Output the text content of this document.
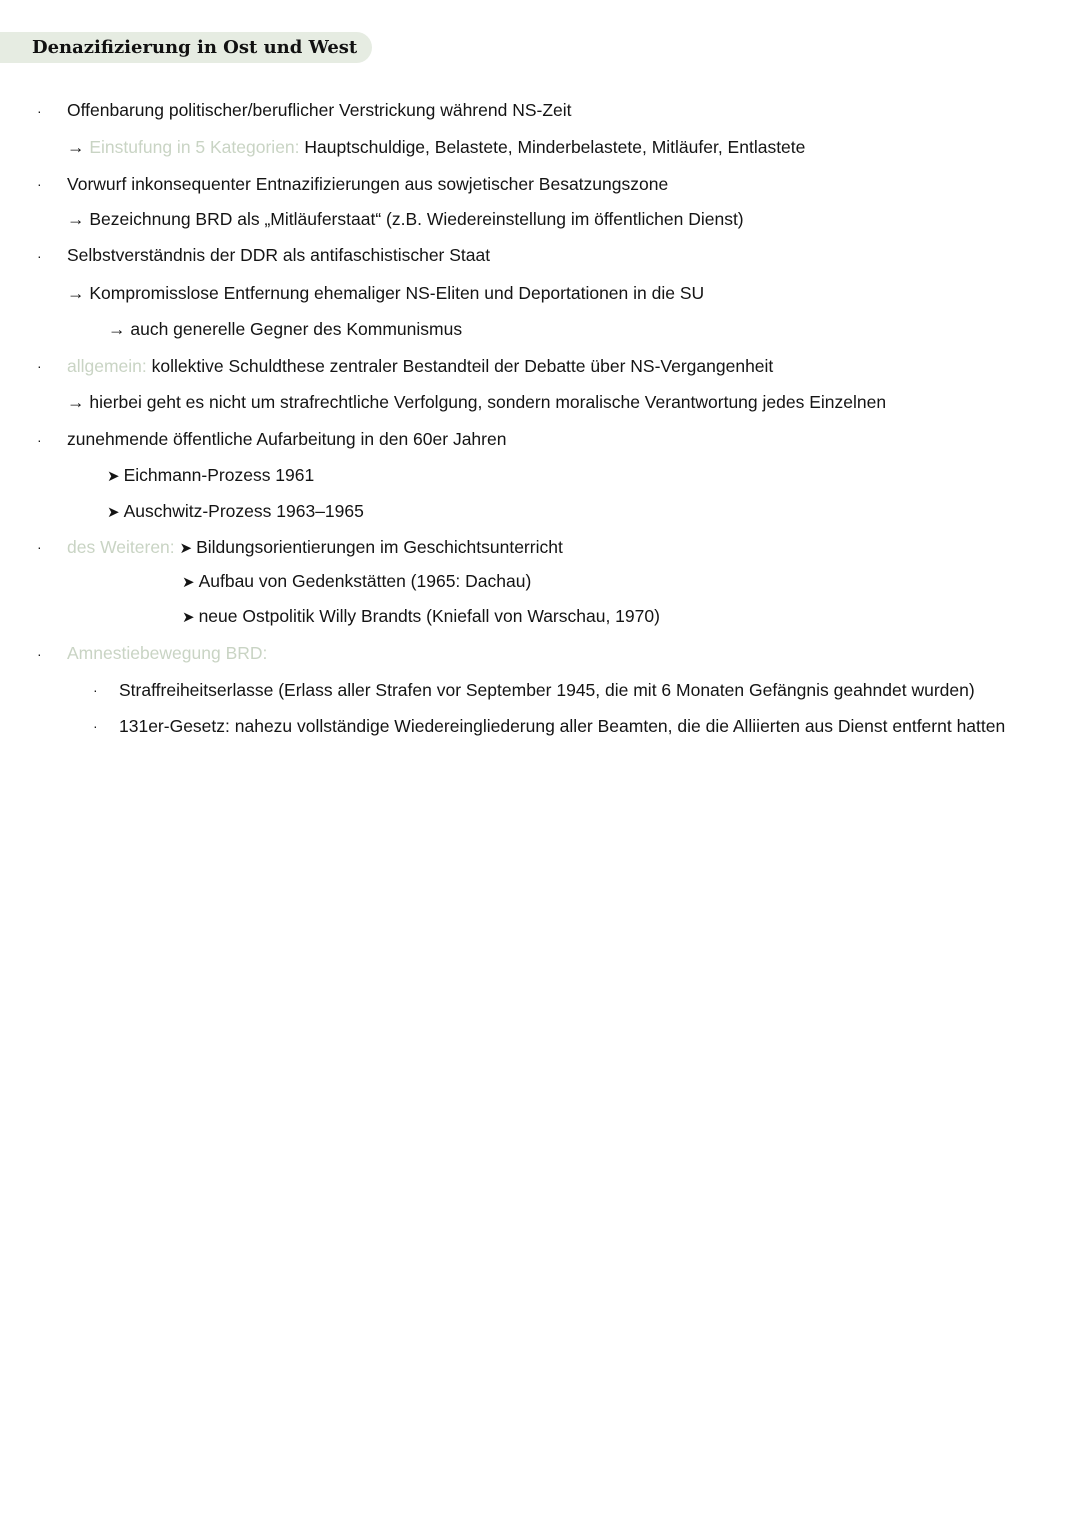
Denazifizierung in Ost und West
·
·
·
·
·
·
·
·
·
Offenbarung politischer/beruflicher Verstrickung während NS-Zeit
→ Einstufung in 5 Kategorien: Hauptschuldige, Belastete, Minderbelastete, Mitläufer, Entlastete
Vorwurf inkonsequenter Entnazifizierungen aus sowjetischer Besatzungszone
→ Bezeichnung BRD als „Mitläuferstaat“ (z.B. Wiedereinstellung im öffentlichen Dienst)
Selbstverständnis der DDR als antifaschistischer Staat
→ Kompromisslose Entfernung ehemaliger NS-Eliten und Deportationen in die SU
→ auch generelle Gegner des Kommunismus
allgemein: kollektive Schuldthese zentraler Bestandteil der Debatte über NS-Vergangenheit
→ hierbei geht es nicht um strafrechtliche Verfolgung, sondern moralische Verantwortung jedes Einzelnen
zunehmende öffentliche Aufarbeitung in den 60er Jahren
➤ Eichmann-Prozess 1961
➤ Auschwitz-Prozess 1963–1965
des Weiteren: ➤ Bildungsorientierungen im Geschichtsunterricht
➤ Aufbau von Gedenkstätten (1965: Dachau)
➤ neue Ostpolitik Willy Brandts (Kniefall von Warschau, 1970)
Amnestiebewegung BRD:
Straffreiheitserlasse (Erlass aller Strafen vor September 1945, die mit 6 Monaten Gefängnis geahndet wurden)
131er-Gesetz: nahezu vollständige Wiedereingliederung aller Beamten, die die Alliierten aus Dienst entfernt hatten
